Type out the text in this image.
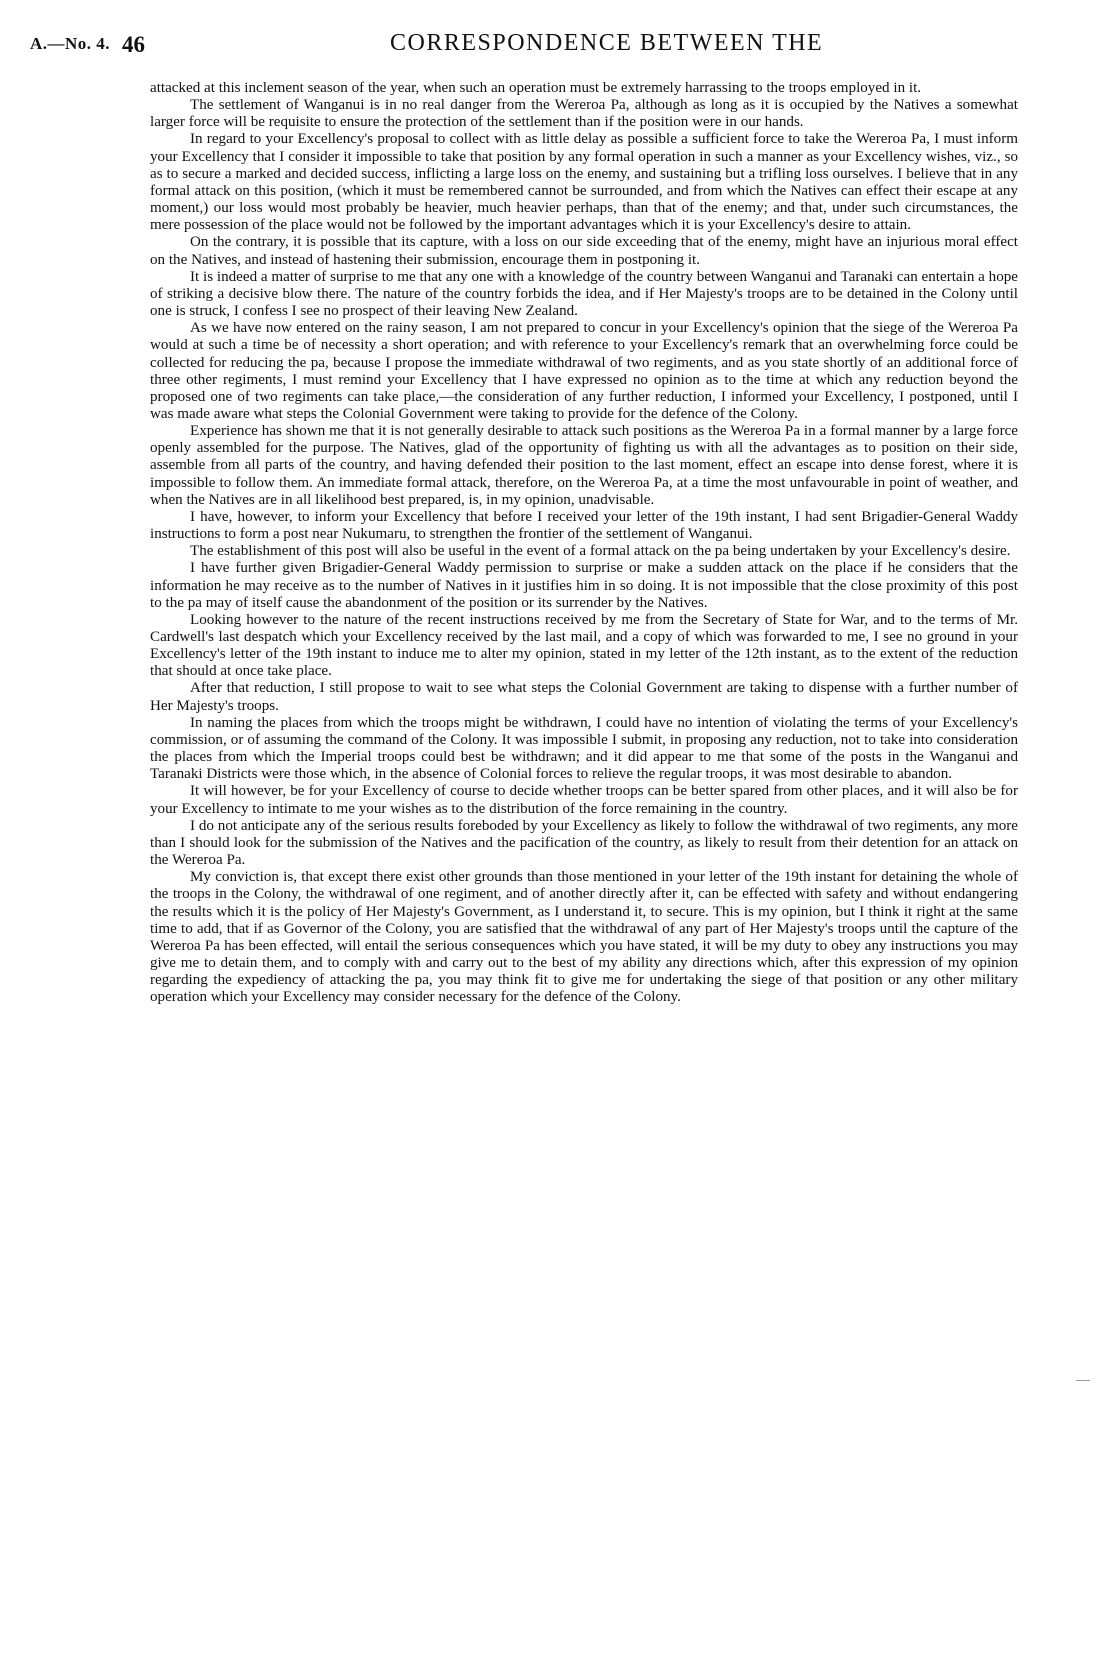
A.—No. 4. 46	CORRESPONDENCE BETWEEN THE

attacked at this inclement season of the year, when such an operation must be extremely harrassing to the troops employed in it.

The settlement of Wanganui is in no real danger from the Wereroa Pa, although as long as it is occupied by the Natives a somewhat larger force will be requisite to ensure the protection of the settlement than if the position were in our hands.

In regard to your Excellency's proposal to collect with as little delay as possible a sufficient force to take the Wereroa Pa, I must inform your Excellency that I consider it impossible to take that position by any formal operation in such a manner as your Excellency wishes, viz., so as to secure a marked and decided success, inflicting a large loss on the enemy, and sustaining but a trifling loss ourselves. I believe that in any formal attack on this position, (which it must be remembered cannot be surrounded, and from which the Natives can effect their escape at any moment,) our loss would most probably be heavier, much heavier perhaps, than that of the enemy; and that, under such circumstances, the mere possession of the place would not be followed by the important advantages which it is your Excellency's desire to attain.

On the contrary, it is possible that its capture, with a loss on our side exceeding that of the enemy, might have an injurious moral effect on the Natives, and instead of hastening their submission, encourage them in postponing it.

It is indeed a matter of surprise to me that any one with a knowledge of the country between Wanganui and Taranaki can entertain a hope of striking a decisive blow there. The nature of the country forbids the idea, and if Her Majesty's troops are to be detained in the Colony until one is struck, I confess I see no prospect of their leaving New Zealand.

As we have now entered on the rainy season, I am not prepared to concur in your Excellency's opinion that the siege of the Wereroa Pa would at such a time be of necessity a short operation; and with reference to your Excellency's remark that an overwhelming force could be collected for reducing the pa, because I propose the immediate withdrawal of two regiments, and as you state shortly of an additional force of three other regiments, I must remind your Excellency that I have expressed no opinion as to the time at which any reduction beyond the proposed one of two regiments can take place,—the consideration of any further reduction, I informed your Excellency, I postponed, until I was made aware what steps the Colonial Government were taking to provide for the defence of the Colony.

Experience has shown me that it is not generally desirable to attack such positions as the Wereroa Pa in a formal manner by a large force openly assembled for the purpose. The Natives, glad of the opportunity of fighting us with all the advantages as to position on their side, assemble from all parts of the country, and having defended their position to the last moment, effect an escape into dense forest, where it is impossible to follow them. An immediate formal attack, therefore, on the Wereroa Pa, at a time the most unfavourable in point of weather, and when the Natives are in all likelihood best prepared, is, in my opinion, unadvisable.

I have, however, to inform your Excellency that before I received your letter of the 19th instant, I had sent Brigadier-General Waddy instructions to form a post near Nukumaru, to strengthen the frontier of the settlement of Wanganui.

The establishment of this post will also be useful in the event of a formal attack on the pa being undertaken by your Excellency's desire.

I have further given Brigadier-General Waddy permission to surprise or make a sudden attack on the place if he considers that the information he may receive as to the number of Natives in it justifies him in so doing. It is not impossible that the close proximity of this post to the pa may of itself cause the abandonment of the position or its surrender by the Natives.

Looking however to the nature of the recent instructions received by me from the Secretary of State for War, and to the terms of Mr. Cardwell's last despatch which your Excellency received by the last mail, and a copy of which was forwarded to me, I see no ground in your Excellency's letter of the 19th instant to induce me to alter my opinion, stated in my letter of the 12th instant, as to the extent of the reduction that should at once take place.

After that reduction, I still propose to wait to see what steps the Colonial Government are taking to dispense with a further number of Her Majesty's troops.

In naming the places from which the troops might be withdrawn, I could have no intention of violating the terms of your Excellency's commission, or of assuming the command of the Colony. It was impossible I submit, in proposing any reduction, not to take into consideration the places from which the Imperial troops could best be withdrawn; and it did appear to me that some of the posts in the Wanganui and Taranaki Districts were those which, in the absence of Colonial forces to relieve the regular troops, it was most desirable to abandon.

It will however, be for your Excellency of course to decide whether troops can be better spared from other places, and it will also be for your Excellency to intimate to me your wishes as to the distribution of the force remaining in the country.

I do not anticipate any of the serious results foreboded by your Excellency as likely to follow the withdrawal of two regiments, any more than I should look for the submission of the Natives and the pacification of the country, as likely to result from their detention for an attack on the Wereroa Pa.

My conviction is, that except there exist other grounds than those mentioned in your letter of the 19th instant for detaining the whole of the troops in the Colony, the withdrawal of one regiment, and of another directly after it, can be effected with safety and without endangering the results which it is the policy of Her Majesty's Government, as I understand it, to secure. This is my opinion, but I think it right at the same time to add, that if as Governor of the Colony, you are satisfied that the withdrawal of any part of Her Majesty's troops until the capture of the Wereroa Pa has been effected, will entail the serious consequences which you have stated, it will be my duty to obey any instructions you may give me to detain them, and to comply with and carry out to the best of my ability any directions which, after this expression of my opinion regarding the expediency of attacking the pa, you may think fit to give me for undertaking the siege of that position or any other military operation which your Excellency may consider necessary for the defence of the Colony.
